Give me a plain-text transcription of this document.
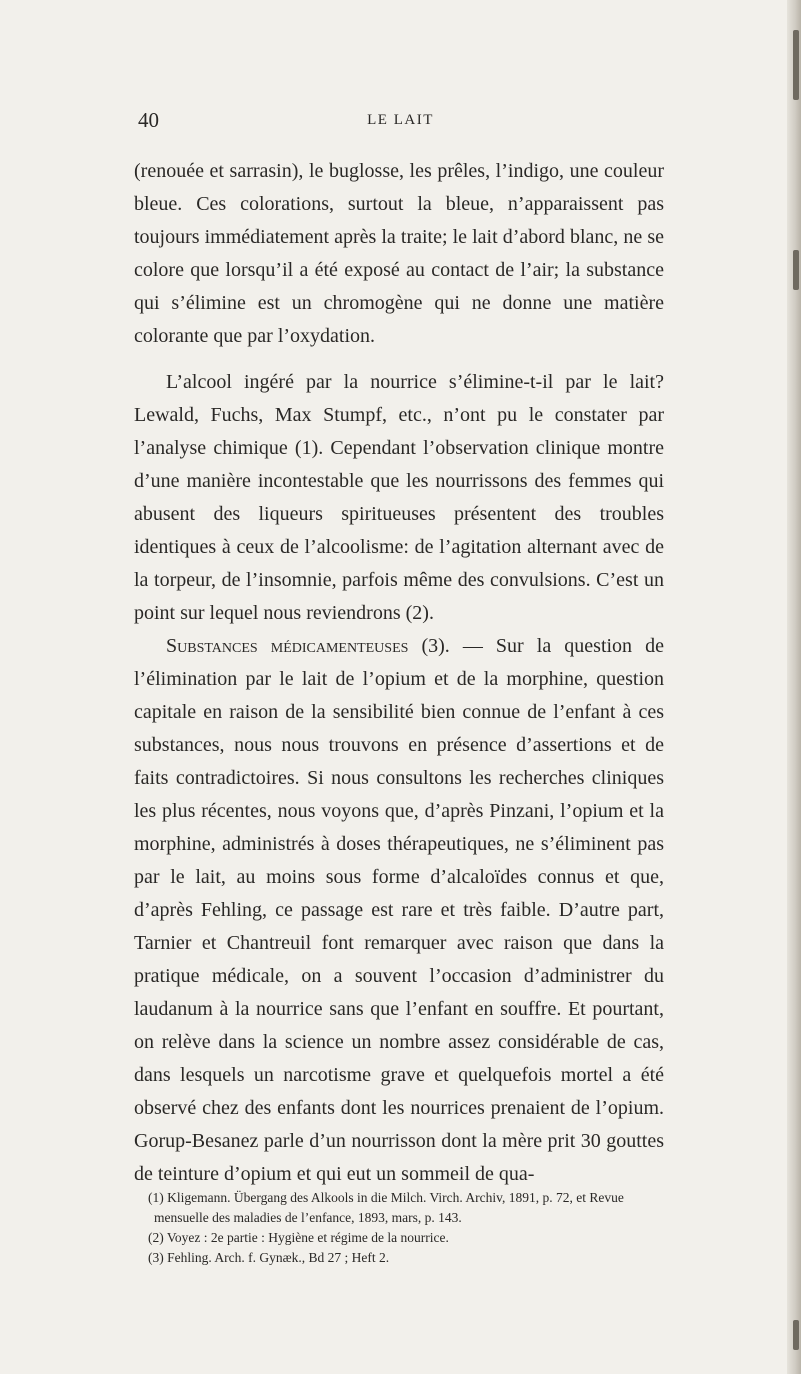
40	LE LAIT

(renouée et sarrasin), le buglosse, les prêles, l’indigo, une couleur bleue. Ces colorations, surtout la bleue, n’apparaissent pas toujours immédiatement après la traite; le lait d’abord blanc, ne se colore que lorsqu’il a été exposé au contact de l’air; la substance qui s’élimine est un chromogène qui ne donne une matière colorante que par l’oxydation.

L’alcool ingéré par la nourrice s’élimine-t-il par le lait? Lewald, Fuchs, Max Stumpf, etc., n’ont pu le constater par l’analyse chimique (1). Cependant l’observation clinique montre d’une manière incontestable que les nourrissons des femmes qui abusent des liqueurs spiritueuses présentent des troubles identiques à ceux de l’alcoolisme: de l’agitation alternant avec de la torpeur, de l’insomnie, parfois même des convulsions. C’est un point sur lequel nous reviendrons (2).

Substances médicamenteuses (3). — Sur la question de l’élimination par le lait de l’opium et de la morphine, question capitale en raison de la sensibilité bien connue de l’enfant à ces substances, nous nous trouvons en présence d’assertions et de faits contradictoires. Si nous consultons les recherches cliniques les plus récentes, nous voyons que, d’après Pinzani, l’opium et la morphine, administrés à doses thérapeutiques, ne s’éliminent pas par le lait, au moins sous forme d’alcaloïdes connus et que, d’après Fehling, ce passage est rare et très faible. D’autre part, Tarnier et Chantreuil font remarquer avec raison que dans la pratique médicale, on a souvent l’occasion d’administrer du laudanum à la nourrice sans que l’enfant en souffre. Et pourtant, on relève dans la science un nombre assez considérable de cas, dans lesquels un narcotisme grave et quelquefois mortel a été observé chez des enfants dont les nourrices prenaient de l’opium. Gorup-Besanez parle d’un nourrisson dont la mère prit 30 gouttes de teinture d’opium et qui eut un sommeil de qua-

(1) Kligemann. Übergang des Alkools in die Milch. Virch. Archiv, 1891, p. 72, et Revue mensuelle des maladies de l’enfance, 1893, mars, p. 143.

(2) Voyez : 2e partie : Hygiène et régime de la nourrice.

(3) Fehling. Arch. f. Gynæk., Bd 27 ; Heft 2.
